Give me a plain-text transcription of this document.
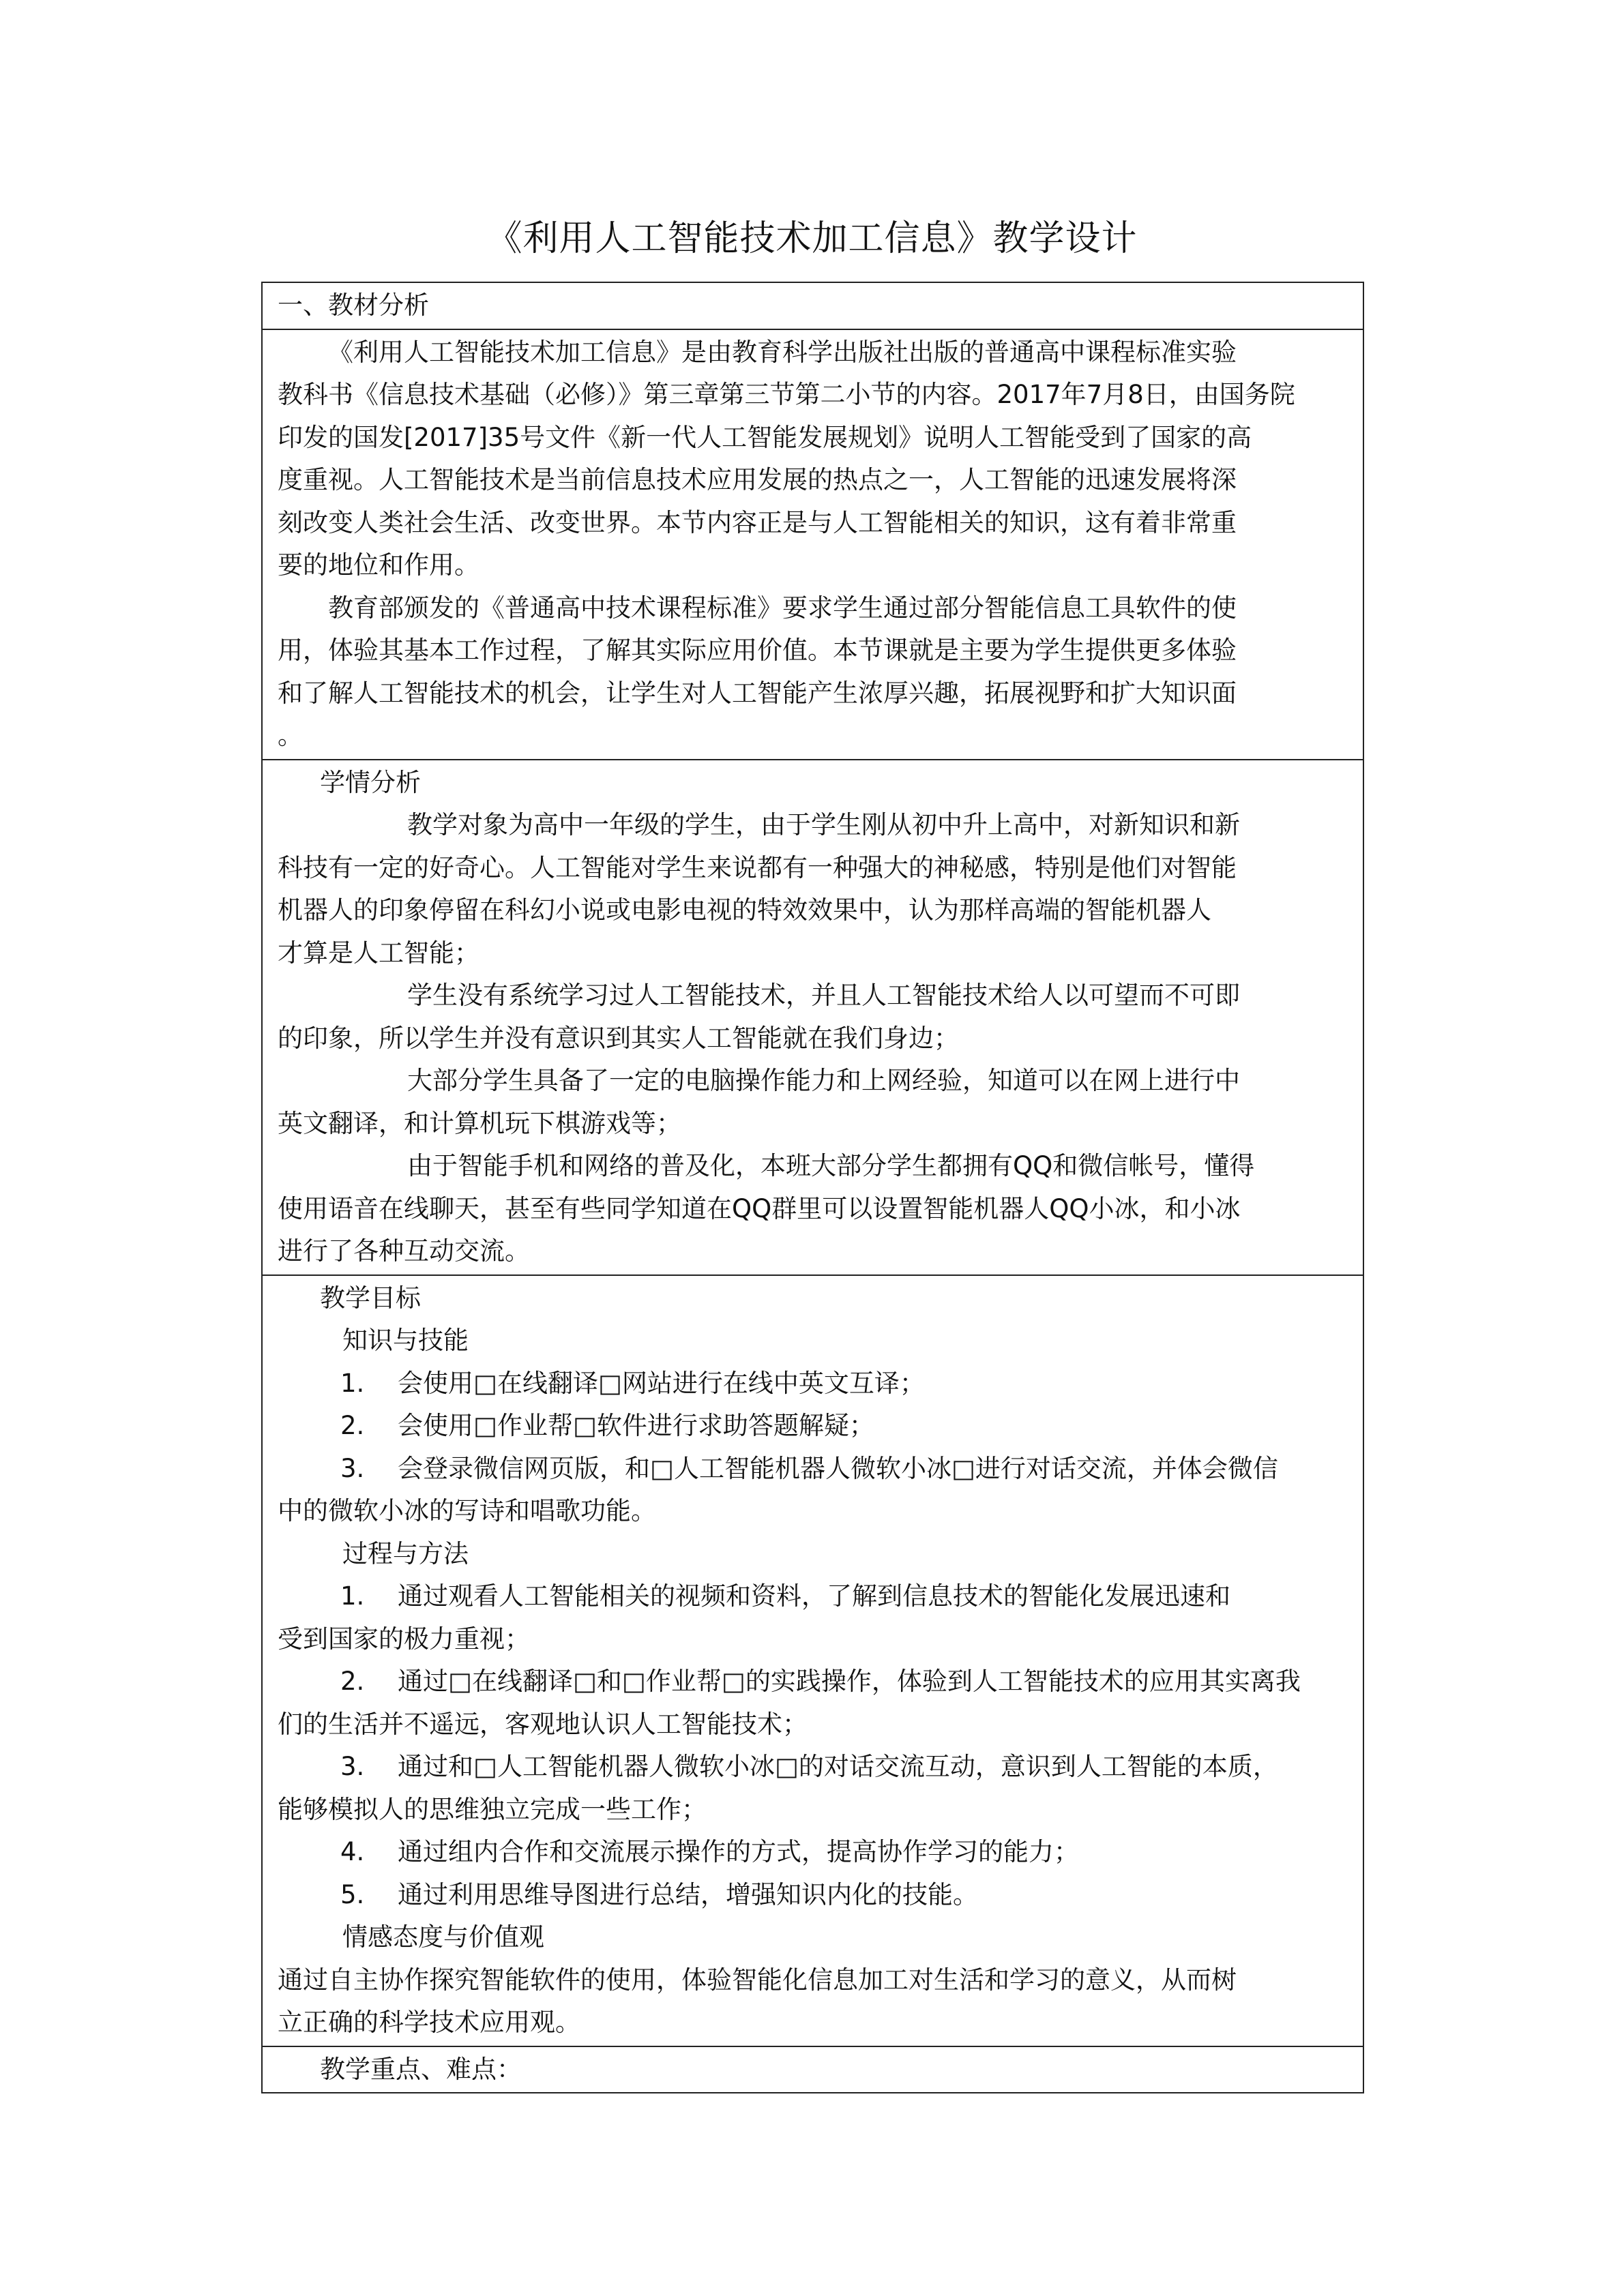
《利用人工智能技术加工信息》教学设计
一、教材分析

《利用人工智能技术加工信息》是由教育科学出版社出版的普通高中课程标准实验
教科书《信息技术基础（必修）》第三章第三节第二小节的内容。2017年7月8日，由国务院
印发的国发[2017]35号文件《新一代人工智能发展规划》说明人工智能受到了国家的高
度重视。人工智能技术是当前信息技术应用发展的热点之一，人工智能的迅速发展将深
刻改变人类社会生活、改变世界。本节内容正是与人工智能相关的知识，这有着非常重
要的地位和作用。
教育部颁发的《普通高中技术课程标准》要求学生通过部分智能信息工具软件的使
用，体验其基本工作过程，了解其实际应用价值。本节课就是主要为学生提供更多体验
和了解人工智能技术的机会，让学生对人工智能产生浓厚兴趣，拓展视野和扩大知识面
。

学情分析
教学对象为高中一年级的学生，由于学生刚从初中升上高中，对新知识和新
科技有一定的好奇心。人工智能对学生来说都有一种强大的神秘感，特别是他们对智能
机器人的印象停留在科幻小说或电影电视的特效效果中，认为那样高端的智能机器人
才算是人工智能；
学生没有系统学习过人工智能技术，并且人工智能技术给人以可望而不可即
的印象，所以学生并没有意识到其实人工智能就在我们身边；
大部分学生具备了一定的电脑操作能力和上网经验，知道可以在网上进行中
英文翻译，和计算机玩下棋游戏等；
由于智能手机和网络的普及化，本班大部分学生都拥有QQ和微信帐号，懂得
使用语音在线聊天，甚至有些同学知道在QQ群里可以设置智能机器人QQ小冰，和小冰
进行了各种互动交流。

教学目标
知识与技能
1. 会使用□在线翻译□网站进行在线中英文互译；
2. 会使用□作业帮□软件进行求助答题解疑；
3. 会登录微信网页版，和□人工智能机器人微软小冰□进行对话交流，并体会微信
中的微软小冰的写诗和唱歌功能。
过程与方法
1. 通过观看人工智能相关的视频和资料，了解到信息技术的智能化发展迅速和
受到国家的极力重视；
2. 通过□在线翻译□和□作业帮□的实践操作，体验到人工智能技术的应用其实离我
们的生活并不遥远，客观地认识人工智能技术；
3. 通过和□人工智能机器人微软小冰□的对话交流互动，意识到人工智能的本质，
能够模拟人的思维独立完成一些工作；
4. 通过组内合作和交流展示操作的方式，提高协作学习的能力；
5. 通过利用思维导图进行总结，增强知识内化的技能。
情感态度与价值观
通过自主协作探究智能软件的使用，体验智能化信息加工对生活和学习的意义，从而树
立正确的科学技术应用观。

教学重点、难点：
